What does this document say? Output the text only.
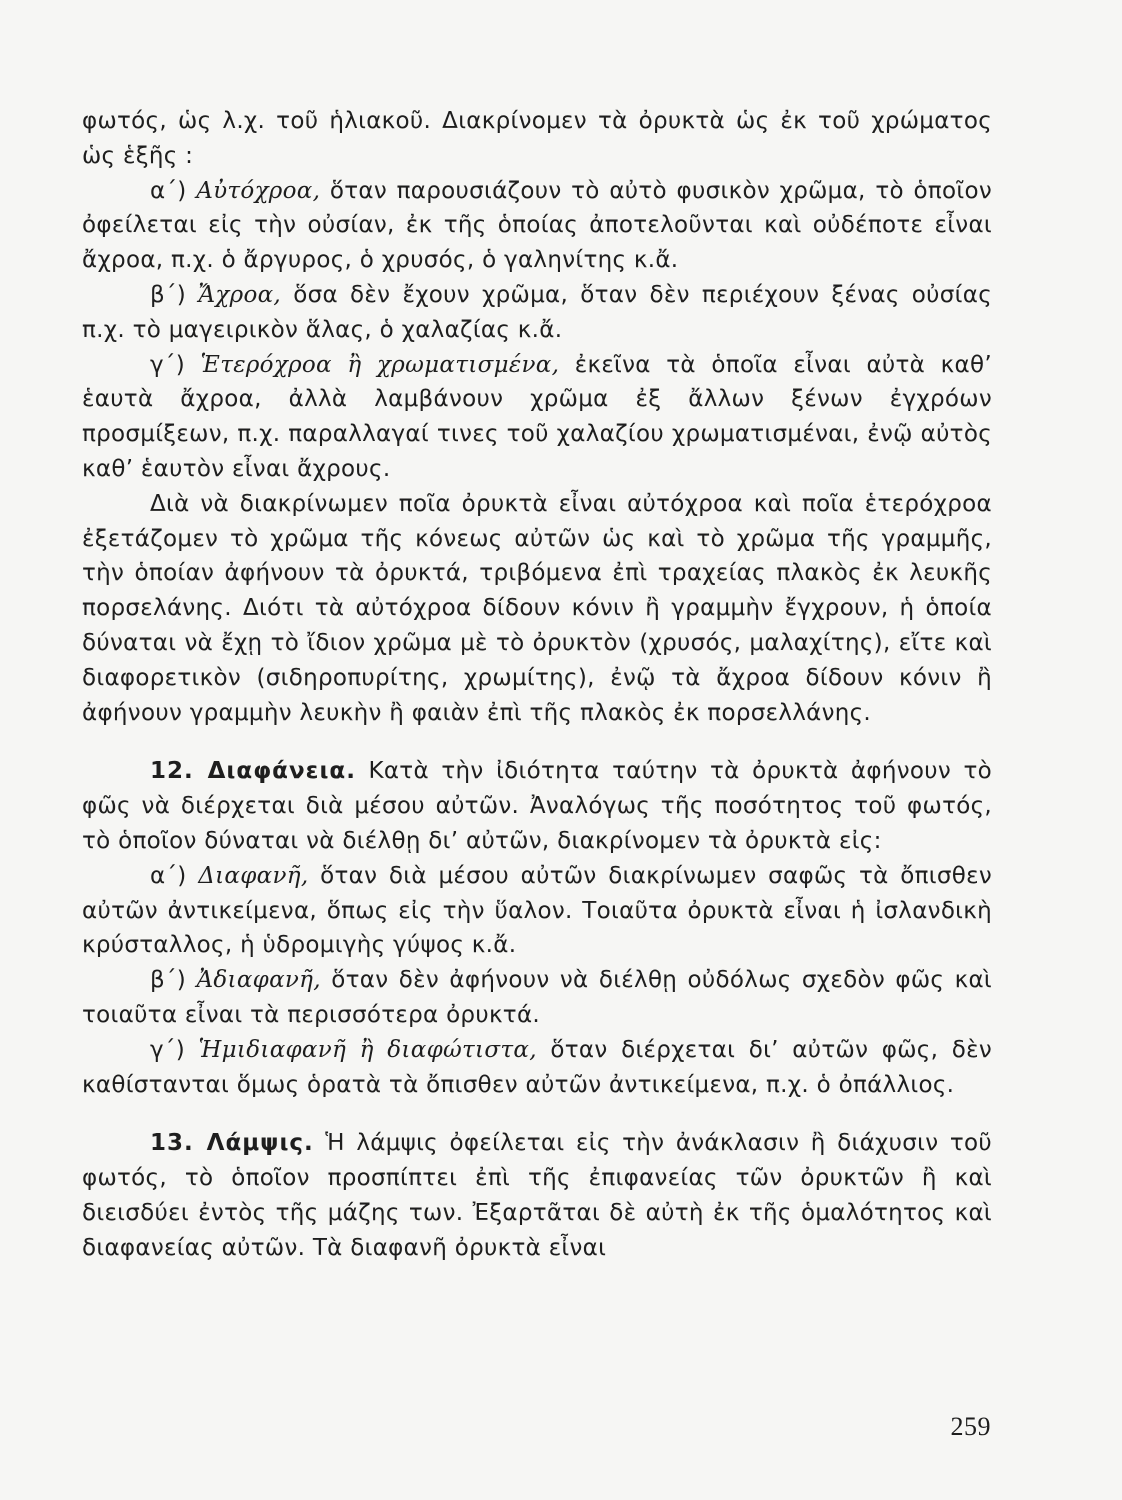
φωτός, ὡς λ.χ. τοῦ ἡλιακοῦ. Διακρίνομεν τὰ ὀρυκτὰ ὡς ἐκ τοῦ χρώματος ὡς ἑξῆς :

α΄) Αὐτόχροα, ὅταν παρουσιάζουν τὸ αὐτὸ φυσικὸν χρῶμα, τὸ ὁποῖον ὀφείλεται εἰς τὴν οὐσίαν, ἐκ τῆς ὁποίας ἀποτελοῦνται καὶ οὐδέποτε εἶναι ἄχροα, π.χ. ὁ ἄργυρος, ὁ χρυσός, ὁ γαληνίτης κ.ἄ.

β΄) Ἄχροα, ὅσα δὲν ἔχουν χρῶμα, ὅταν δὲν περιέχουν ξένας οὐσίας π.χ. τὸ μαγειρικὸν ἅλας, ὁ χαλαζίας κ.ἄ.

γ΄) Ἑτερόχροα ἢ χρωματισμένα, ἐκεῖνα τὰ ὁποῖα εἶναι αὐτὰ καθ’ ἑαυτὰ ἄχροα, ἀλλὰ λαμβάνουν χρῶμα ἐξ ἄλλων ξένων ἐγχρόων προσμίξεων, π.χ. παραλλαγαί τινες τοῦ χαλαζίου χρωματισμέναι, ἐνῷ αὐτὸς καθ’ ἑαυτὸν εἶναι ἄχρους.

Διὰ νὰ διακρίνωμεν ποῖα ὀρυκτὰ εἶναι αὐτόχροα καὶ ποῖα ἑτερόχροα ἐξετάζομεν τὸ χρῶμα τῆς κόνεως αὐτῶν ὡς καὶ τὸ χρῶμα τῆς γραμμῆς, τὴν ὁποίαν ἀφήνουν τὰ ὀρυκτά, τριβόμενα ἐπὶ τραχείας πλακὸς ἐκ λευκῆς πορσελάνης. Διότι τὰ αὐτόχροα δίδουν κόνιν ἢ γραμμὴν ἔγχρουν, ἡ ὁποία δύναται νὰ ἔχῃ τὸ ἴδιον χρῶμα μὲ τὸ ὀρυκτὸν (χρυσός, μαλαχίτης), εἴτε καὶ διαφορετικὸν (σιδηροπυρίτης, χρωμίτης), ἐνῷ τὰ ἄχροα δίδουν κόνιν ἢ ἀφήνουν γραμμὴν λευκὴν ἢ φαιὰν ἐπὶ τῆς πλακὸς ἐκ πορσελλάνης.

12. Διαφάνεια. Κατὰ τὴν ἰδιότητα ταύτην τὰ ὀρυκτὰ ἀφήνουν τὸ φῶς νὰ διέρχεται διὰ μέσου αὐτῶν. Ἀναλόγως τῆς ποσότητος τοῦ φωτός, τὸ ὁποῖον δύναται νὰ διέλθῃ δι’ αὐτῶν, διακρίνομεν τὰ ὀρυκτὰ εἰς:

α΄) Διαφανῆ, ὅταν διὰ μέσου αὐτῶν διακρίνωμεν σαφῶς τὰ ὄπισθεν αὐτῶν ἀντικείμενα, ὅπως εἰς τὴν ὕαλον. Τοιαῦτα ὀρυκτὰ εἶναι ἡ ἰσλανδικὴ κρύσταλλος, ἡ ὑδρομιγὴς γύψος κ.ἄ.

β΄) Ἀδιαφανῆ, ὅταν δὲν ἀφήνουν νὰ διέλθῃ οὐδόλως σχεδὸν φῶς καὶ τοιαῦτα εἶναι τὰ περισσότερα ὀρυκτά.

γ΄) Ἡμιδιαφανῆ ἢ διαφώτιστα, ὅταν διέρχεται δι’ αὐτῶν φῶς, δὲν καθίστανται ὅμως ὁρατὰ τὰ ὄπισθεν αὐτῶν ἀντικείμενα, π.χ. ὁ ὀπάλλιος.

13. Λάμψις. Ἡ λάμψις ὀφείλεται εἰς τὴν ἀνάκλασιν ἢ διάχυσιν τοῦ φωτός, τὸ ὁποῖον προσπίπτει ἐπὶ τῆς ἐπιφανείας τῶν ὀρυκτῶν ἢ καὶ διεισδύει ἐντὸς τῆς μάζης των. Ἐξαρτᾶται δὲ αὐτὴ ἐκ τῆς ὁμαλότητος καὶ διαφανείας αὐτῶν. Τὰ διαφανῆ ὀρυκτὰ εἶναι

259
